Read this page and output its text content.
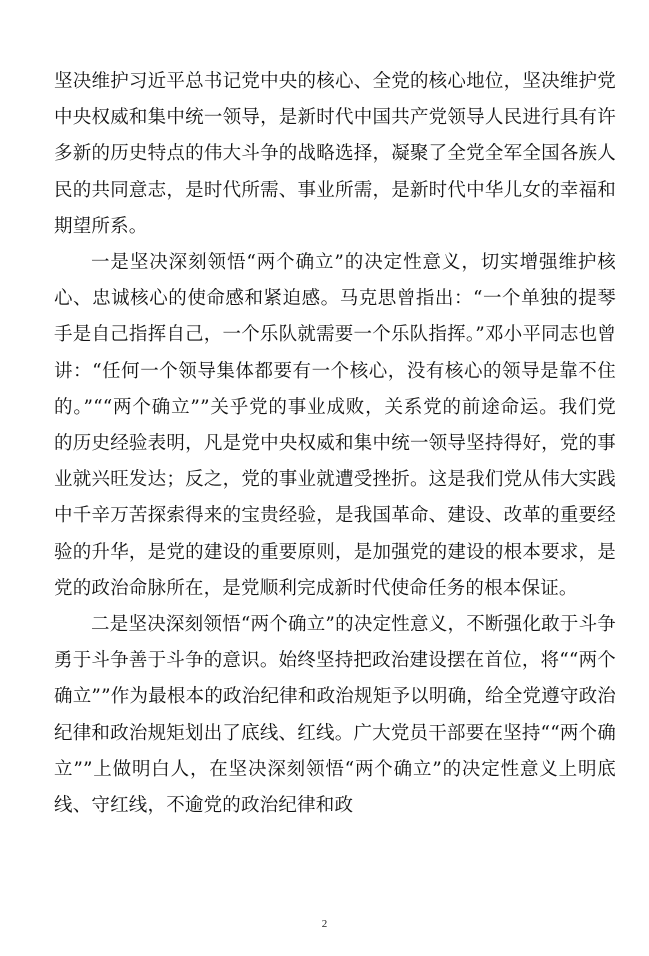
坚决维护习近平总书记党中央的核心、全党的核心地位，坚决维护党中央权威和集中统一领导，是新时代中国共产党领导人民进行具有许多新的历史特点的伟大斗争的战略选择，凝聚了全党全军全国各族人民的共同意志，是时代所需、事业所需，是新时代中华儿女的幸福和期望所系。

一是坚决深刻领悟“两个确立”的决定性意义，切实增强维护核心、忠诚核心的使命感和紧迫感。马克思曾指出：“一个单独的提琴手是自己指挥自己，一个乐队就需要一个乐队指挥。”邓小平同志也曾讲：“任何一个领导集体都要有一个核心，没有核心的领导是靠不住的。”““两个确立””关乎党的事业成败，关系党的前途命运。我们党的历史经验表明，凡是党中央权威和集中统一领导坚持得好，党的事业就兴旺发达；反之，党的事业就遭受挫折。这是我们党从伟大实践中千辛万苦探索得来的宝贵经验，是我国革命、建设、改革的重要经验的升华，是党的建设的重要原则，是加强党的建设的根本要求，是党的政治命脉所在，是党顺利完成新时代使命任务的根本保证。

二是坚决深刻领悟“两个确立”的决定性意义，不断强化敢于斗争勇于斗争善于斗争的意识。始终坚持把政治建设摆在首位，将““两个确立””作为最根本的政治纪律和政治规矩予以明确，给全党遵守政治纪律和政治规矩划出了底线、红线。广大党员干部要在坚持““两个确立””上做明白人，在坚决深刻领悟“两个确立”的决定性意义上明底线、守红线，不逾党的政治纪律和政

2
